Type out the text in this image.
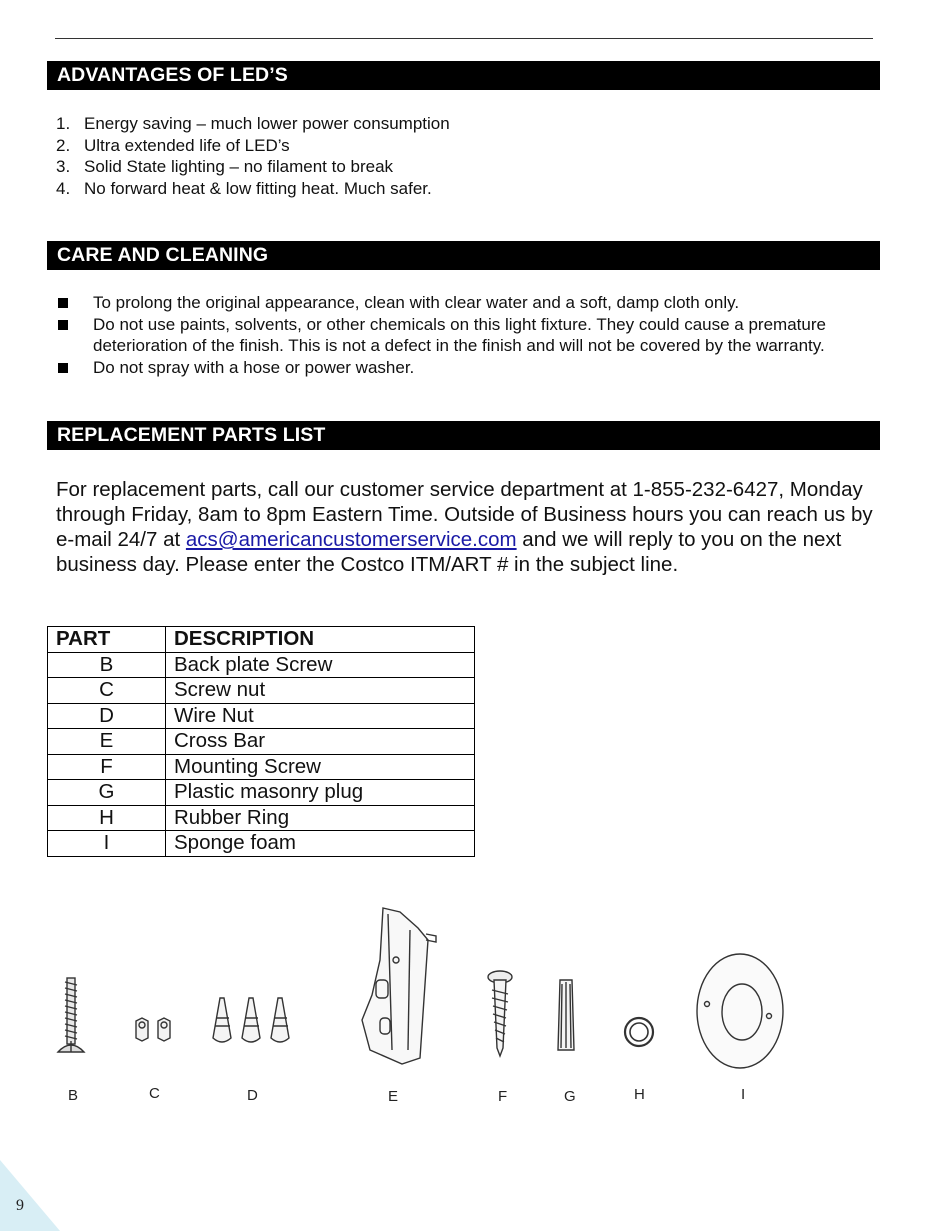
ADVANTAGES OF LED’S
1. Energy saving – much lower power consumption
2. Ultra extended life of LED’s
3. Solid State lighting – no filament to break
4. No forward heat & low fitting heat. Much safer.
CARE AND CLEANING
To prolong the original appearance, clean with clear water and a soft, damp cloth only.
Do not use paints, solvents, or other chemicals on this light fixture. They could cause a premature deterioration of the finish. This is not a defect in the finish and will not be covered by the warranty.
Do not spray with a hose or power washer.
REPLACEMENT PARTS LIST

For replacement parts, call our customer service department at 1-855-232-6427, Monday through Friday, 8am to 8pm Eastern Time. Outside of Business hours you can reach us by e-mail 24/7 at acs@americancustomerservice.com and we will reply to you on the next business day. Please enter the Costco ITM/ART # in the subject line.

PART	DESCRIPTION
B	Back plate Screw
C	Screw nut
D	Wire Nut
E	Cross Bar
F	Mounting Screw
G	Plastic masonry plug
H	Rubber Ring
I	Sponge foam
B	C	D	E	F	G	H	I
9
